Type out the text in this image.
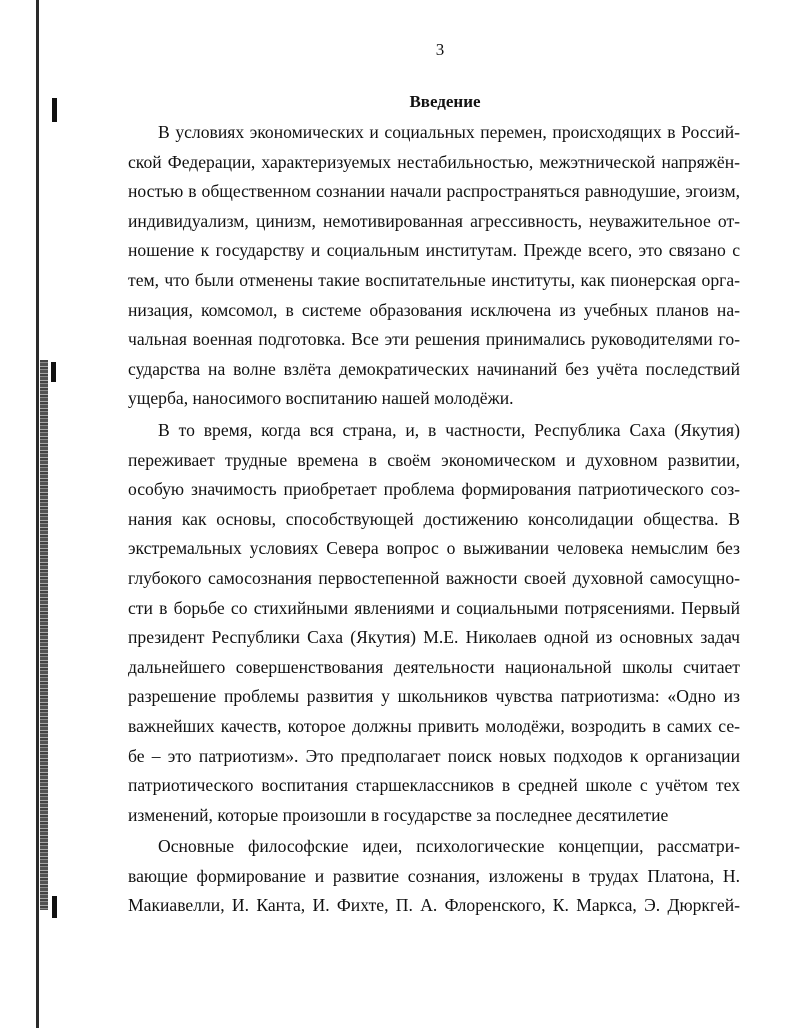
3
Введение
В условиях экономических и социальных перемен, происходящих в Россий-
ской Федерации, характеризуемых нестабильностью, межэтнической напряжён-
ностью в общественном сознании начали распространяться равнодушие, эгоизм,
индивидуализм, цинизм, немотивированная агрессивность, неуважительное от-
ношение к государству и социальным институтам. Прежде всего, это связано с
тем, что были отменены такие воспитательные институты, как пионерская орга-
низация, комсомол, в системе образования исключена из учебных планов на-
чальная военная подготовка. Все эти решения принимались руководителями го-
сударства на волне взлёта демократических начинаний без учёта последствий
ущерба, наносимого воспитанию нашей молодёжи.
В то время, когда вся страна, и, в частности, Республика Саха (Якутия)
переживает трудные времена в своём экономическом и духовном развитии,
особую значимость приобретает проблема формирования патриотического соз-
нания как основы, способствующей достижению консолидации общества. В
экстремальных условиях Севера вопрос о выживании человека немыслим без
глубокого самосознания первостепенной важности своей духовной самосущно-
сти в борьбе со стихийными явлениями и социальными потрясениями. Первый
президент Республики Саха (Якутия) М.Е. Николаев одной из основных задач
дальнейшего совершенствования деятельности национальной школы считает
разрешение проблемы развития у школьников чувства патриотизма: «Одно из
важнейших качеств, которое должны привить молодёжи, возродить в самих се-
бе – это патриотизм». Это предполагает поиск новых подходов к организации
патриотического воспитания старшеклассников в средней школе с учётом тех
изменений, которые произошли в государстве за последнее десятилетие
Основные философские идеи, психологические концепции, рассматри-
вающие формирование и развитие сознания, изложены в трудах Платона, Н.
Макиавелли, И. Канта, И. Фихте, П. А. Флоренского, К. Маркса, Э. Дюркгей-
